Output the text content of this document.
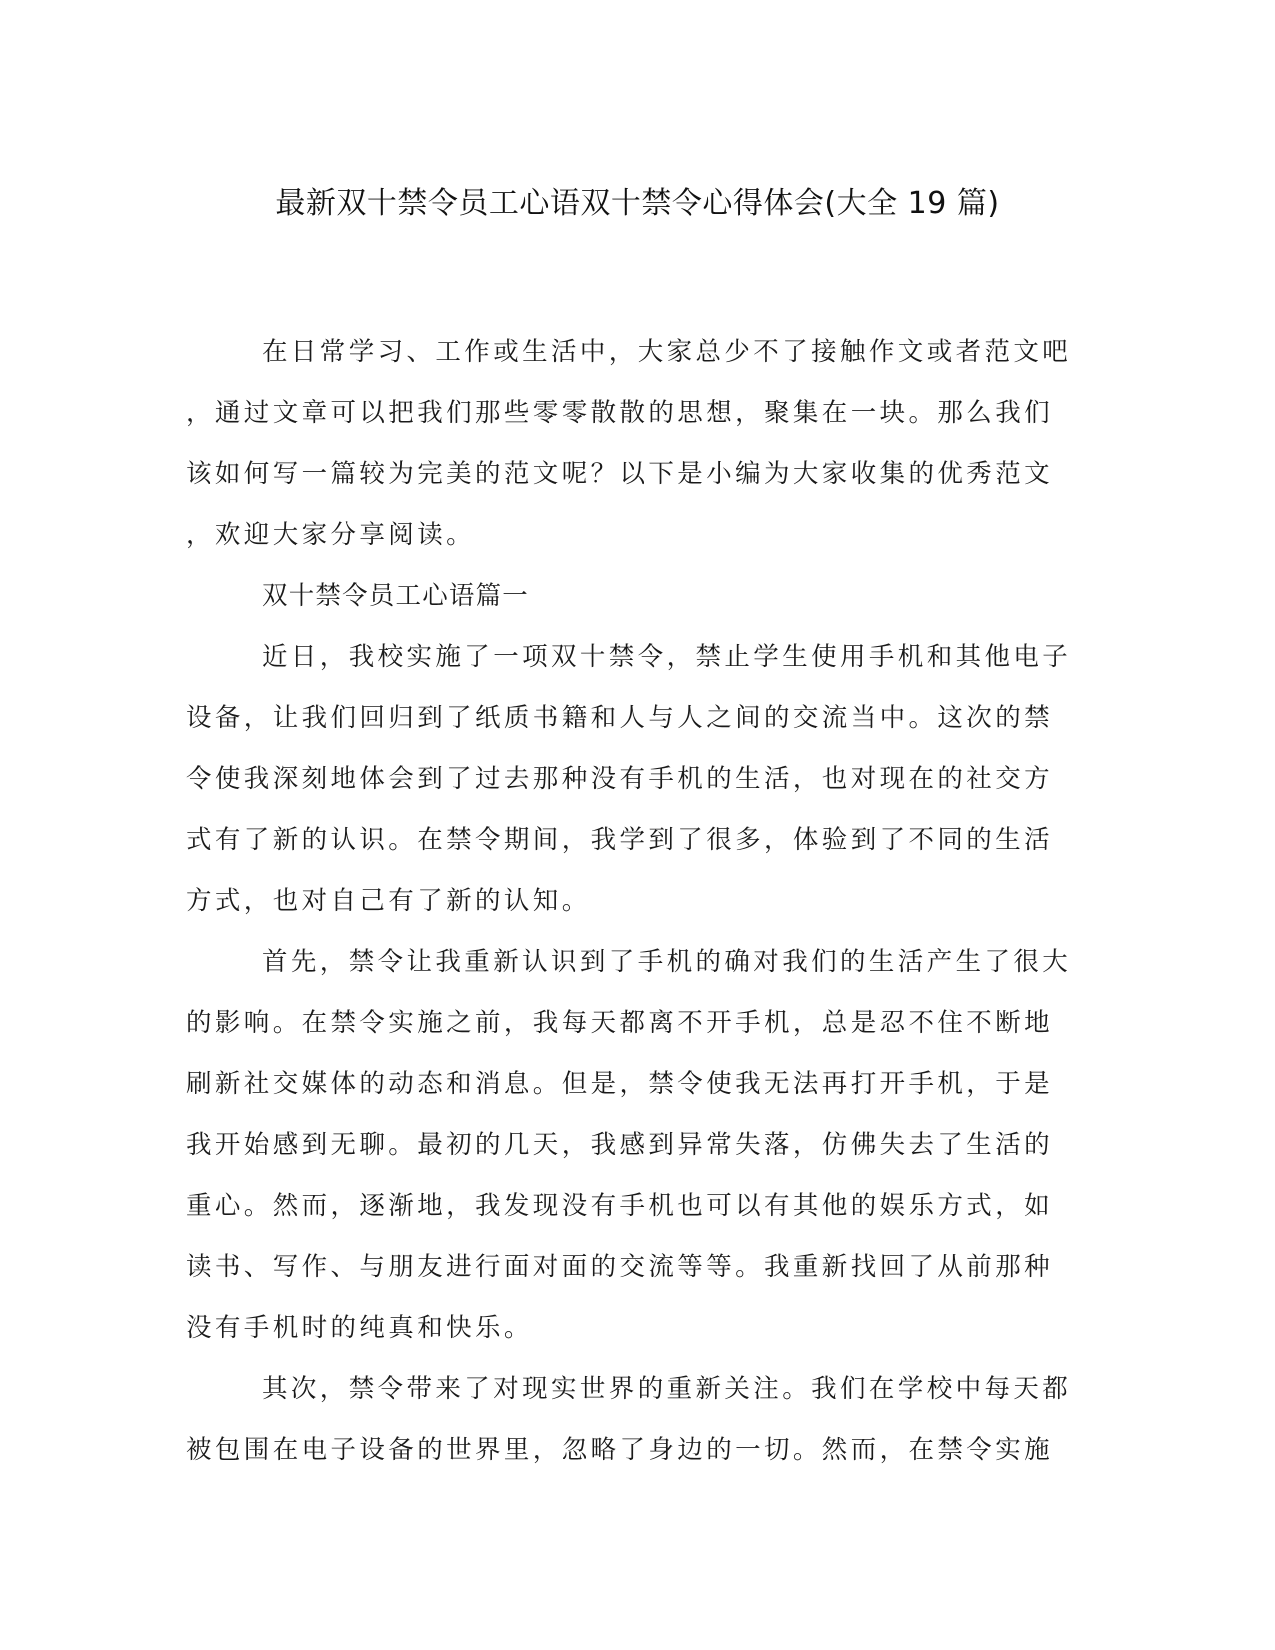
最新双十禁令员工心语双十禁令心得体会(大全 19 篇)
在日常学习、工作或生活中，大家总少不了接触作文或者范文吧
，通过文章可以把我们那些零零散散的思想，聚集在一块。那么我们
该如何写一篇较为完美的范文呢？以下是小编为大家收集的优秀范文
，欢迎大家分享阅读。
双十禁令员工心语篇一
近日，我校实施了一项双十禁令，禁止学生使用手机和其他电子
设备，让我们回归到了纸质书籍和人与人之间的交流当中。这次的禁
令使我深刻地体会到了过去那种没有手机的生活，也对现在的社交方
式有了新的认识。在禁令期间，我学到了很多，体验到了不同的生活
方式，也对自己有了新的认知。
首先，禁令让我重新认识到了手机的确对我们的生活产生了很大
的影响。在禁令实施之前，我每天都离不开手机，总是忍不住不断地
刷新社交媒体的动态和消息。但是，禁令使我无法再打开手机，于是
我开始感到无聊。最初的几天，我感到异常失落，仿佛失去了生活的
重心。然而，逐渐地，我发现没有手机也可以有其他的娱乐方式，如
读书、写作、与朋友进行面对面的交流等等。我重新找回了从前那种
没有手机时的纯真和快乐。
其次，禁令带来了对现实世界的重新关注。我们在学校中每天都
被包围在电子设备的世界里，忽略了身边的一切。然而，在禁令实施
